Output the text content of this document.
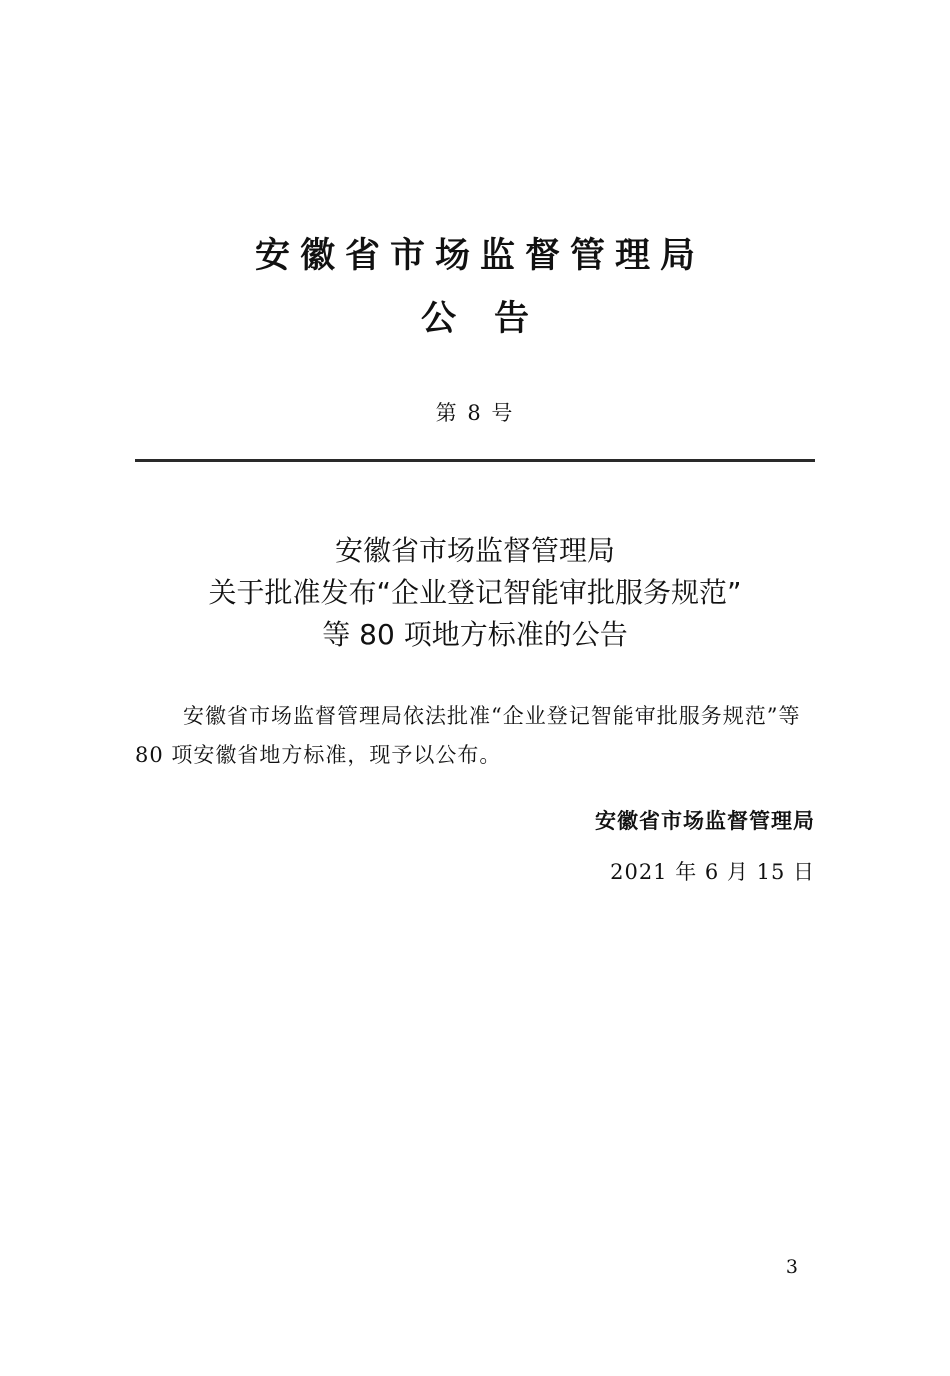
安徽省市场监督管理局
公告
第 8 号
安徽省市场监督管理局
关于批准发布“企业登记智能审批服务规范”
等 80 项地方标准的公告
安徽省市场监督管理局依法批准“企业登记智能审批服务规范”等 80 项安徽省地方标准，现予以公布。
安徽省市场监督管理局
2021 年 6 月 15 日
3
